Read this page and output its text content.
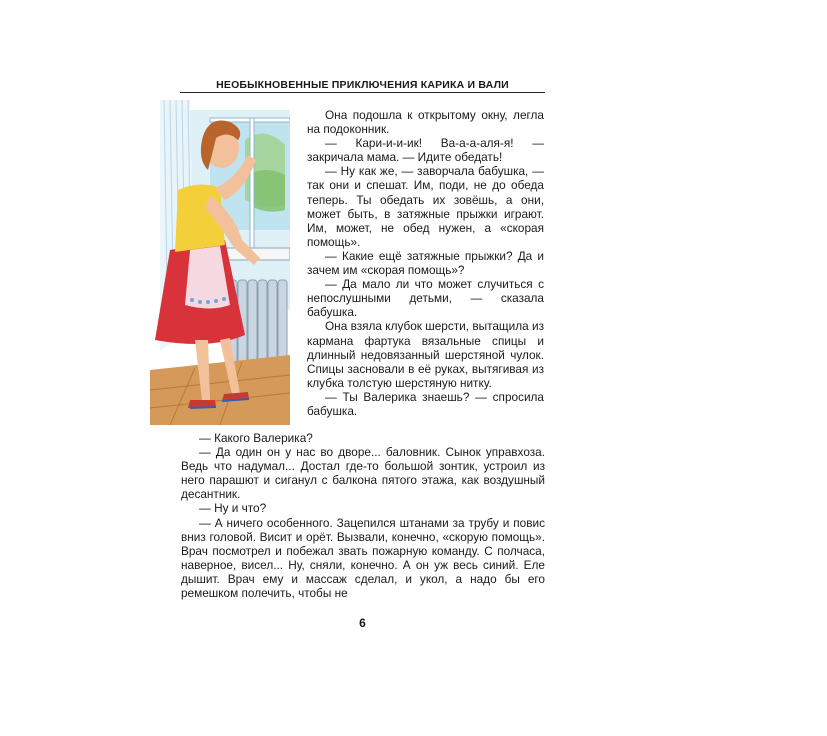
НЕОБЫКНОВЕННЫЕ ПРИКЛЮЧЕНИЯ КАРИКА И ВАЛИ

Она подошла к открытому окну, легла на подоконник.

— Кари-и-и-ик! Ва-а-а-аля-я! — закричала мама. — Идите обедать!

— Ну как же, — заворчала бабушка, — так они и спешат. Им, поди, не до обеда теперь. Ты обедать их зовёшь, а они, может быть, в затяжные прыжки играют. Им, может, не обед нужен, а «скорая помощь».

— Какие ещё затяжные прыжки? Да и зачем им «скорая помощь»?

— Да мало ли что может случиться с непослушными детьми, — сказала бабушка.

Она взяла клубок шерсти, вытащила из кармана фартука вязальные спицы и длинный недовязанный шерстяной чулок. Спицы засновали в её руках, вытягивая из клубка толстую шерстяную нитку.

— Ты Валерика знаешь? — спросила бабушка.

— Какого Валерика?

— Да один он у нас во дворе... баловник. Сынок управхоза. Ведь что надумал... Достал где-то большой зонтик, устроил из него парашют и сиганул с балкона пятого этажа, как воздушный десантник.

— Ну и что?

— А ничего особенного. Зацепился штанами за трубу и повис вниз головой. Висит и орёт. Вызвали, конечно, «скорую помощь». Врач посмотрел и побежал звать пожарную команду. С полчаса, наверное, висел... Ну, сняли, конечно. А он уж весь синий. Еле дышит. Врач ему и массаж сделал, и укол, а надо бы его ремешком полечить, чтобы не

6
